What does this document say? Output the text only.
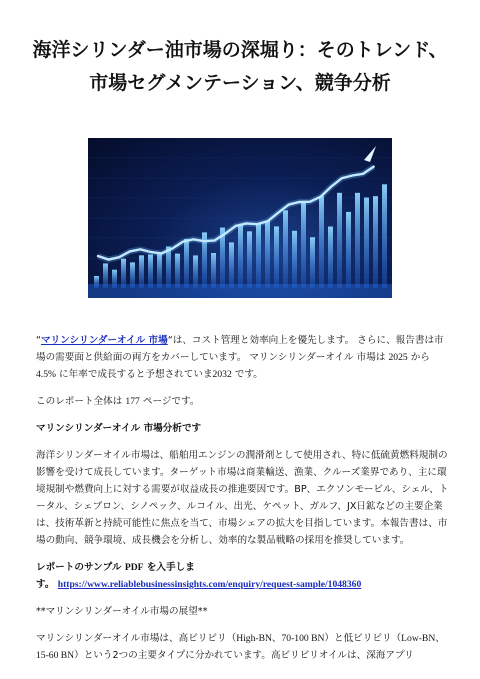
海洋シリンダー油市場の深堀り：そのトレンド、市場セグメンテーション、競争分析

“マリンシリンダーオイル 市場“は、コスト管理と効率向上を優先します。 さらに、報告書は市場の需要面と供給面の両方をカバーしています。 マリンシリンダーオイル 市場は 2025 から 4.5% に年率で成長すると予想されていま2032 です。

このレポート全体は 177 ページです。

マリンシリンダーオイル 市場分析です

海洋シリンダーオイル市場は、船舶用エンジンの潤滑剤として使用され、特に低硫黄燃料規制の影響を受けて成長しています。ターゲット市場は商業輸送、漁業、クルーズ業界であり、主に環境規制や燃費向上に対する需要が収益成長の推進要因です。BP、エクソンモービル、シェル、トータル、シェブロン、シノペック、ルコイル、出光、ケペット、ガルフ、JX日鉱などの主要企業は、技術革新と持続可能性に焦点を当て、市場シェアの拡大を目指しています。本報告書は、市場の動向、競争環境、成長機会を分析し、効率的な製品戦略の採用を推奨しています。

レポートのサンプル PDF を入手しま
す。 https://www.reliablebusinessinsights.com/enquiry/request-sample/1048360

**マリンシリンダーオイル市場の展望**

マリンシリンダーオイル市場は、高ビリビリ（High-BN、70-100 BN）と低ビリビリ（Low-BN、15-60 BN）という2つの主要タイプに分かれています。高ビリビリオイルは、深海アプリ
